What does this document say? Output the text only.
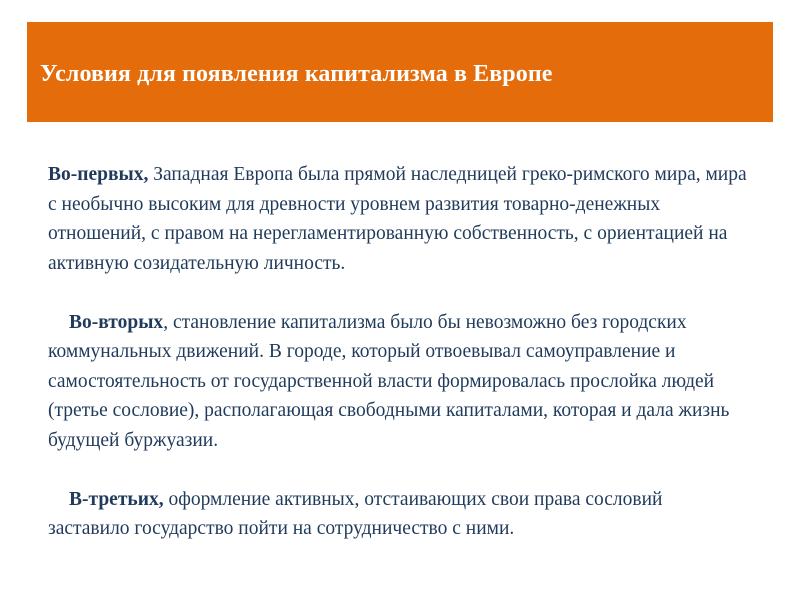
Условия для появления капитализма в Европе

Во-первых, Западная Европа была прямой наследницей греко-римского мира, мира с необычно высоким для древности уровнем развития товарно-денежных отношений, с правом на нерегламентированную собственность, с ориентацией на активную созидательную личность.

Во-вторых, становление капитализма было бы невозможно без городских коммунальных движений. В городе, который отвоевывал самоуправление и самостоятельность от государственной власти формировалась прослойка людей (третье сословие), располагающая свободными капиталами, которая и дала жизнь будущей буржуазии.

В-третьих, оформление активных, отстаивающих свои права сословий заставило государство пойти на сотрудничество с ними.
